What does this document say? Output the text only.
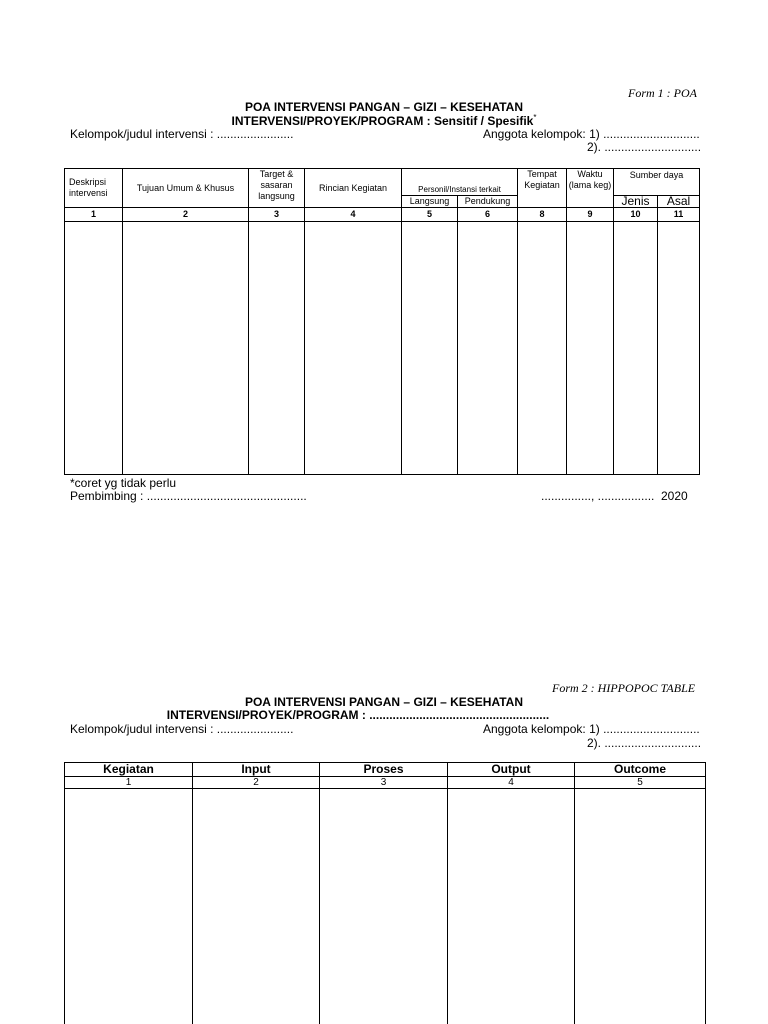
Form 1 : POA
POA INTERVENSI PANGAN – GIZI – KESEHATAN
INTERVENSI/PROYEK/PROGRAM : Sensitif / Spesifik*
Kelompok/judul intervensi : .......................	Anggota kelompok: 1) .............................
2). .............................
Deskripsi intervensi	Tujuan Umum & Khusus	Target & sasaran langsung	Rincian Kegiatan	Personil/Instansi terkait		Tempat Kegiatan	Waktu (lama keg)	Sumber daya	
				Langsung	Pendukung			Jenis	Asal
1	2	3	4	5	6	8	9	10	11

*coret yg tidak perlu
Pembimbing : ................................................	..............., ................. 2020
Form 2 : HIPPOPOC TABLE
POA INTERVENSI PANGAN – GIZI – KESEHATAN
INTERVENSI/PROYEK/PROGRAM : ......................................................
Kelompok/judul intervensi : .......................	Anggota kelompok: 1) .............................
2). .............................
Kegiatan	Input	Proses	Output	Outcome
1	2	3	4	5
